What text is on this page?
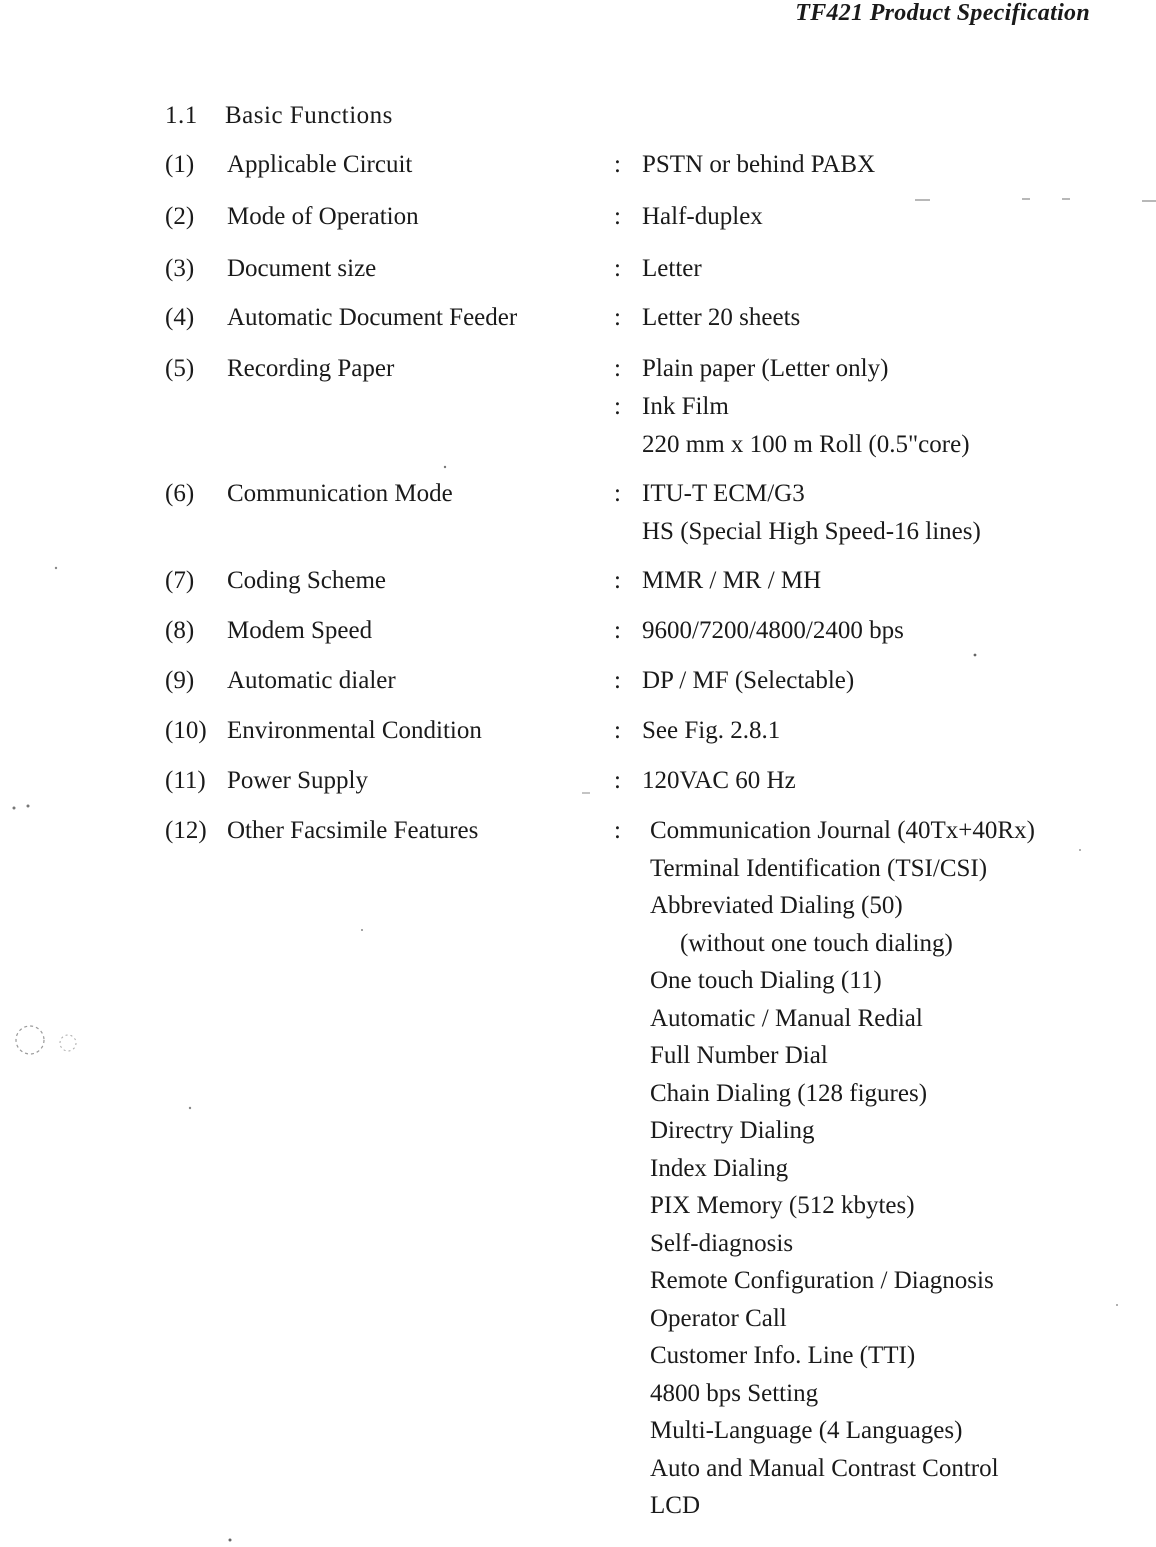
TF421 Product Specification
1.1 Basic Functions
(1) Applicable Circuit	: PSTN or behind PABX
(2) Mode of Operation	: Half-duplex
(3) Document size	: Letter
(4) Automatic Document Feeder	: Letter 20 sheets
(5) Recording Paper	: Plain paper (Letter only)
: Ink Film
220 mm x 100 m Roll (0.5"core)
(6) Communication Mode	: ITU-T ECM/G3
HS (Special High Speed-16 lines)
(7) Coding Scheme	: MMR / MR / MH
(8) Modem Speed	: 9600/7200/4800/2400 bps
(9) Automatic dialer	: DP / MF (Selectable)
(10) Environmental Condition	: See Fig. 2.8.1
(11) Power Supply	: 120VAC 60 Hz
(12) Other Facsimile Features	: Communication Journal (40Tx+40Rx)
Terminal Identification (TSI/CSI)
Abbreviated Dialing (50)
(without one touch dialing)
One touch Dialing (11)
Automatic / Manual Redial
Full Number Dial
Chain Dialing (128 figures)
Directry Dialing
Index Dialing
PIX Memory (512 kbytes)
Self-diagnosis
Remote Configuration / Diagnosis
Operator Call
Customer Info. Line (TTI)
4800 bps Setting
Multi-Language (4 Languages)
Auto and Manual Contrast Control
LCD
